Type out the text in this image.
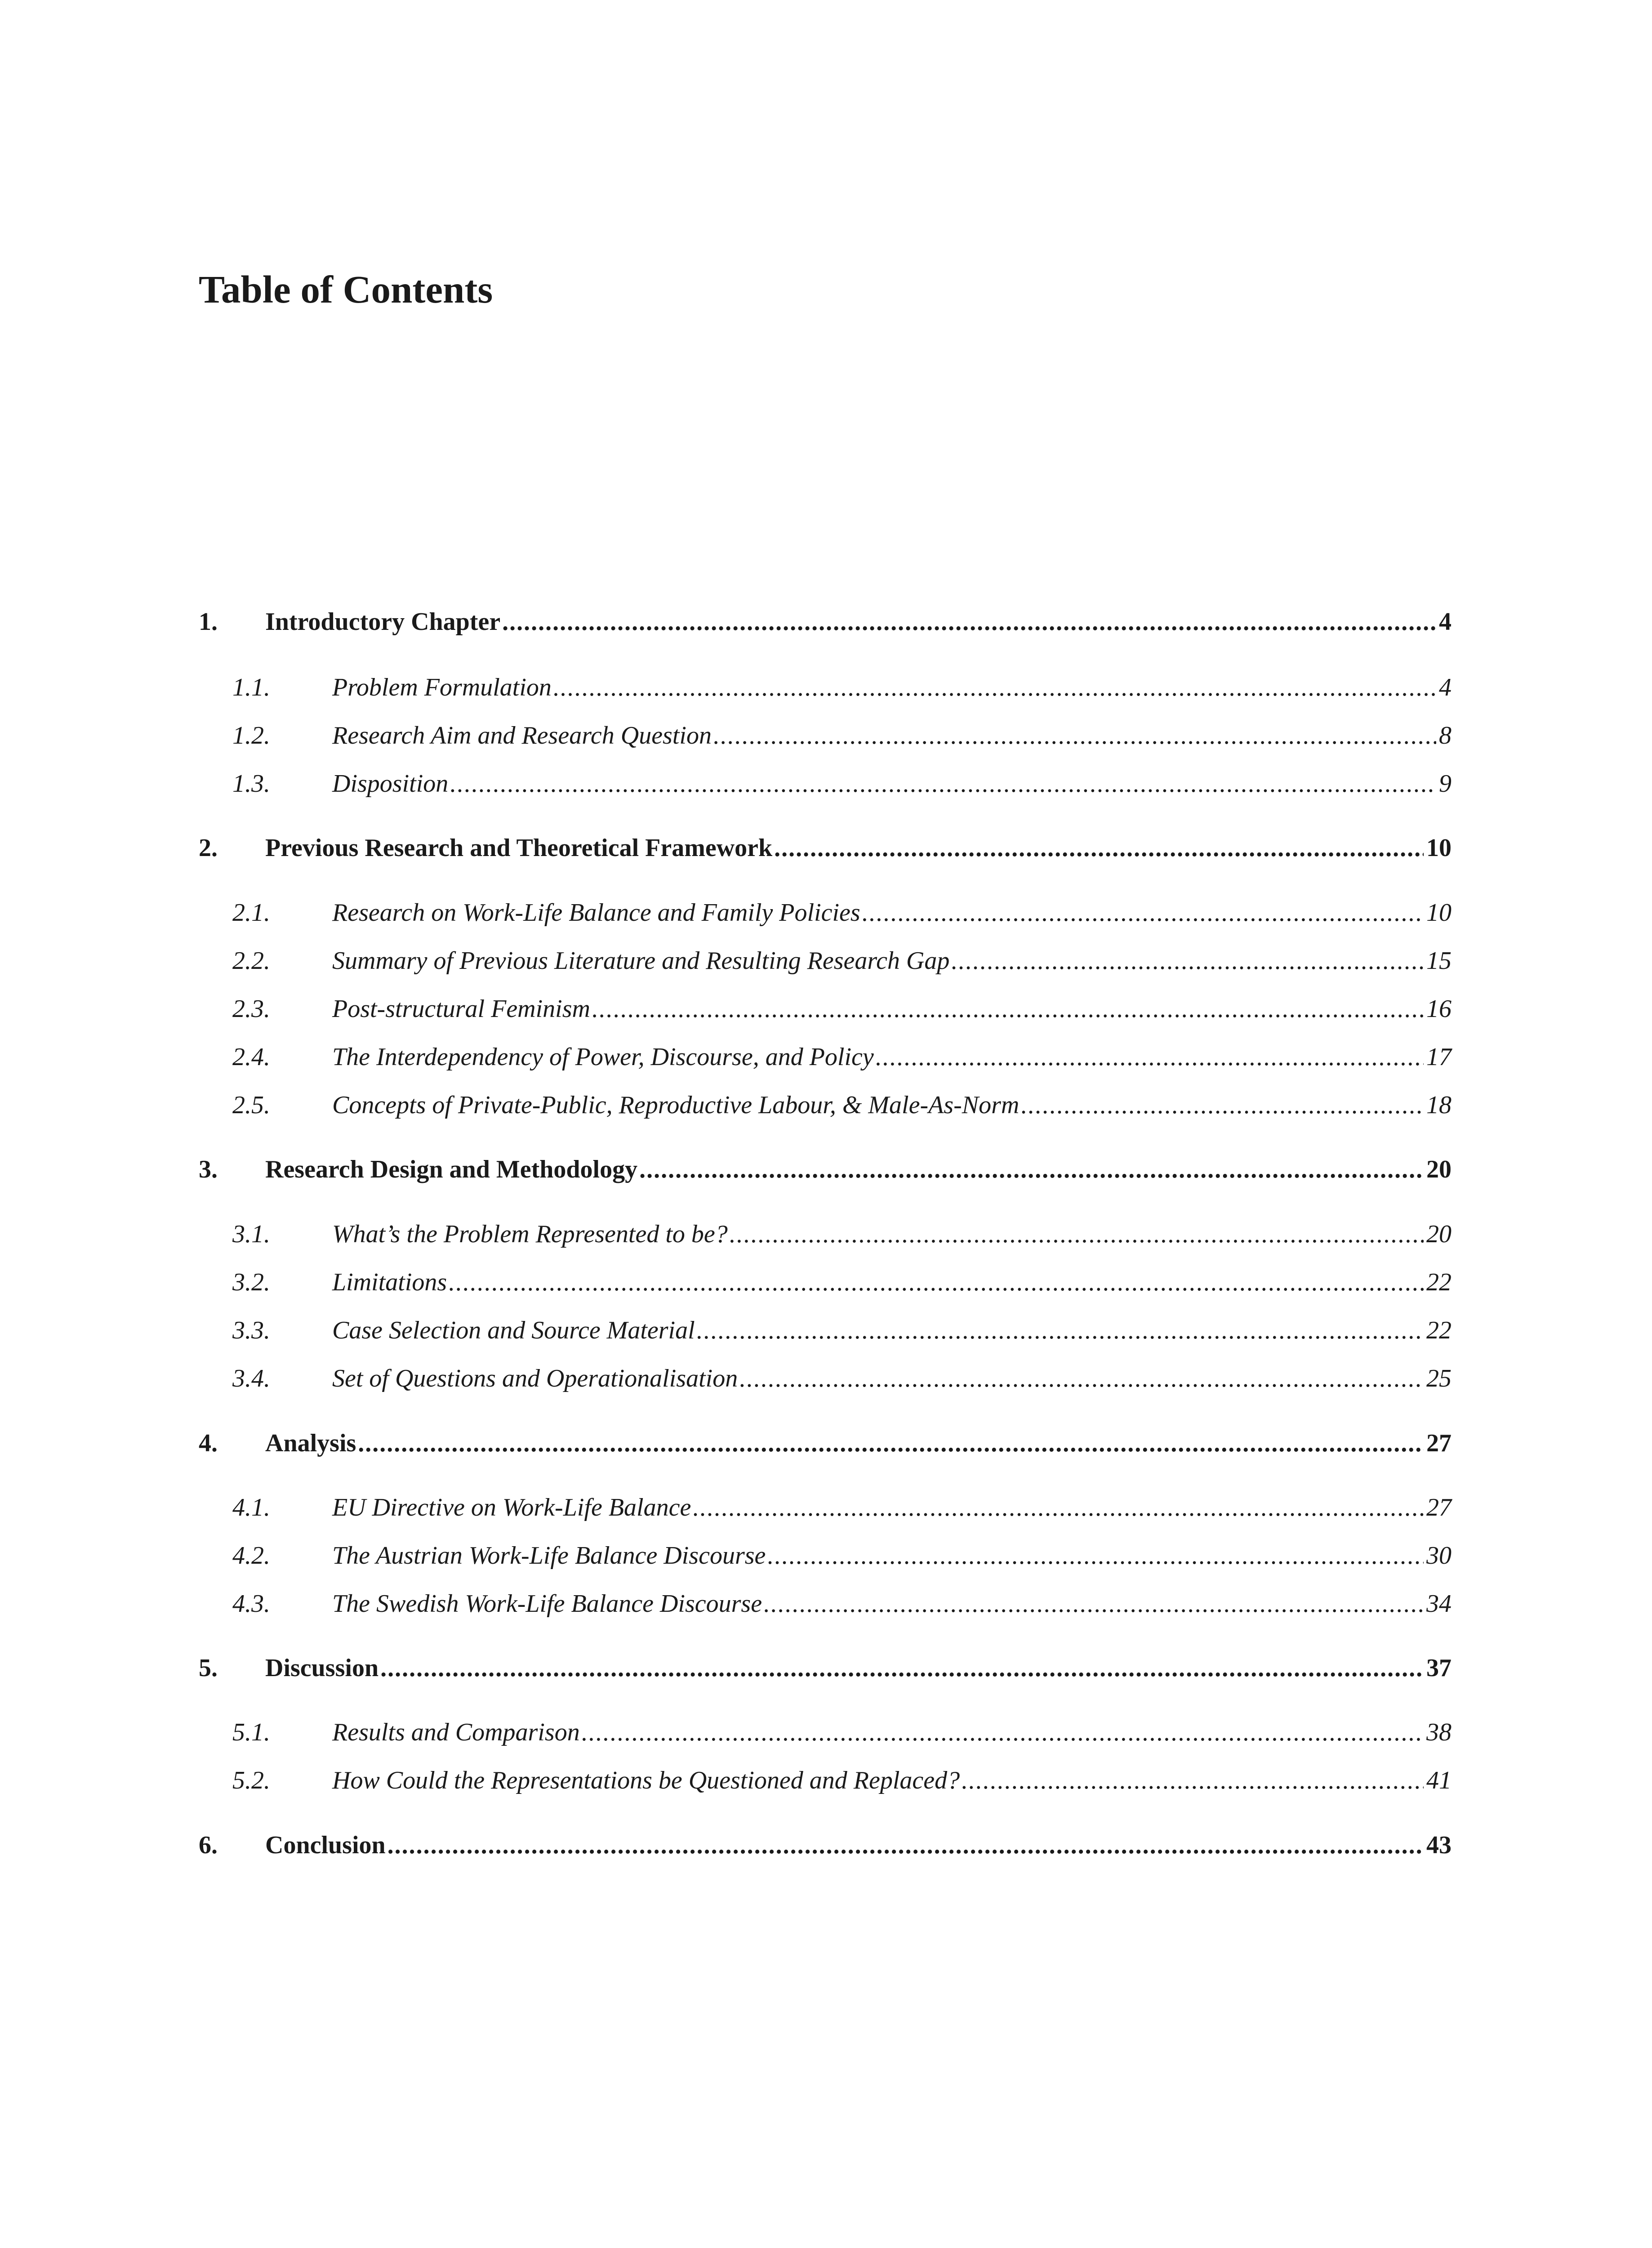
Table of Contents
1.	Introductory Chapter .....	4
1.1.	Problem Formulation .....	4
1.2.	Research Aim and Research Question .....	8
1.3.	Disposition .....	9
2.	Previous Research and Theoretical Framework .....	10
2.1.	Research on Work-Life Balance and Family Policies .....	10
2.2.	Summary of Previous Literature and Resulting Research Gap .....	15
2.3.	Post-structural Feminism .....	16
2.4.	The Interdependency of Power, Discourse, and Policy .....	17
2.5.	Concepts of Private-Public, Reproductive Labour, & Male-As-Norm .....	18
3.	Research Design and Methodology .....	20
3.1.	What’s the Problem Represented to be? .....	20
3.2.	Limitations .....	22
3.3.	Case Selection and Source Material .....	22
3.4.	Set of Questions and Operationalisation .....	25
4.	Analysis .....	27
4.1.	EU Directive on Work-Life Balance .....	27
4.2.	The Austrian Work-Life Balance Discourse .....	30
4.3.	The Swedish Work-Life Balance Discourse .....	34
5.	Discussion .....	37
5.1.	Results and Comparison .....	38
5.2.	How Could the Representations be Questioned and Replaced? .....	41
6.	Conclusion .....	43
